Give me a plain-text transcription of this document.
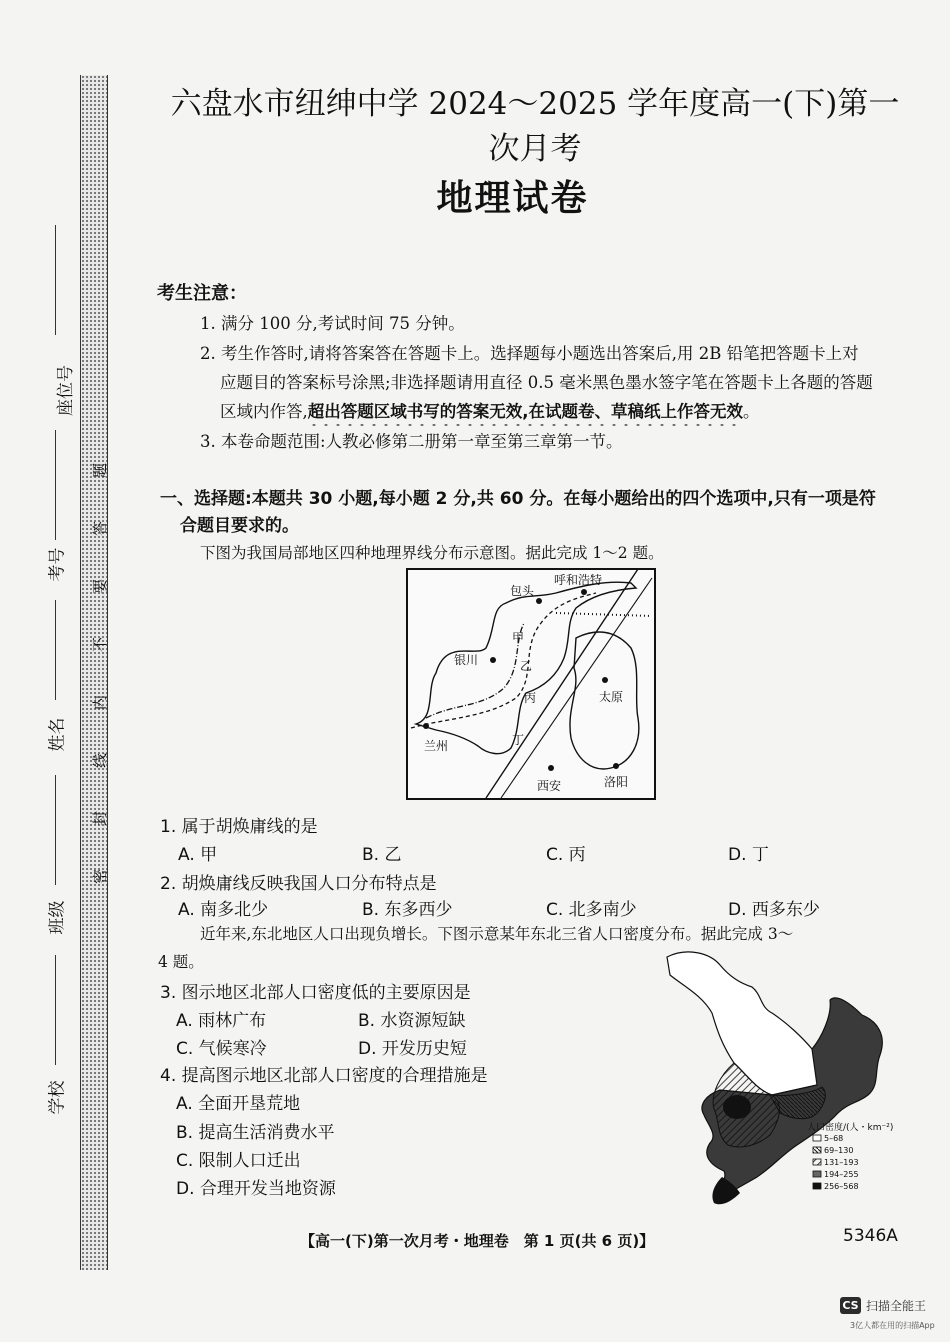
题
答
要
不
内
线
封
密
座位号
考号
姓名
班级
学校
六盘水市纽绅中学 2024～2025 学年度高一(下)第一次月考
地理试卷
考生注意：
1. 满分 100 分,考试时间 75 分钟。
2. 考生作答时,请将答案答在答题卡上。选择题每小题选出答案后,用 2B 铅笔把答题卡上对
应题目的答案标号涂黑;非选择题请用直径 0.5 毫米黑色墨水签字笔在答题卡上各题的答题
区域内作答,超出答题区域书写的答案无效,在试题卷、草稿纸上作答无效。
3. 本卷命题范围:人教必修第二册第一章至第三章第一节。
一、选择题:本题共 30 小题,每小题 2 分,共 60 分。在每小题给出的四个选项中,只有一项是符
合题目要求的。
下图为我国局部地区四种地理界线分布示意图。据此完成 1～2 题。
包头
呼和浩特
银川
太原
兰州
西安	洛阳
甲
乙
丙
丁
1. 属于胡焕庸线的是
A. 甲	B. 乙	C. 丙	D. 丁
2. 胡焕庸线反映我国人口分布特点是
A. 南多北少	B. 东多西少	C. 北多南少	D. 西多东少
近年来,东北地区人口出现负增长。下图示意某年东北三省人口密度分布。据此完成 3～
4 题。
3. 图示地区北部人口密度低的主要原因是
A. 雨林广布	B. 水资源短缺
C. 气候寒冷	D. 开发历史短
4. 提高图示地区北部人口密度的合理措施是
A. 全面开垦荒地
B. 提高生活消费水平
C. 限制人口迁出
D. 合理开发当地资源
人口密度/(人・km⁻²)
5–68
69–130
131–193
194–255
256–568
【高一(下)第一次月考・地理卷　第 1 页(共 6 页)】	5346A
CS 扫描全能王
3亿人都在用的扫描App
